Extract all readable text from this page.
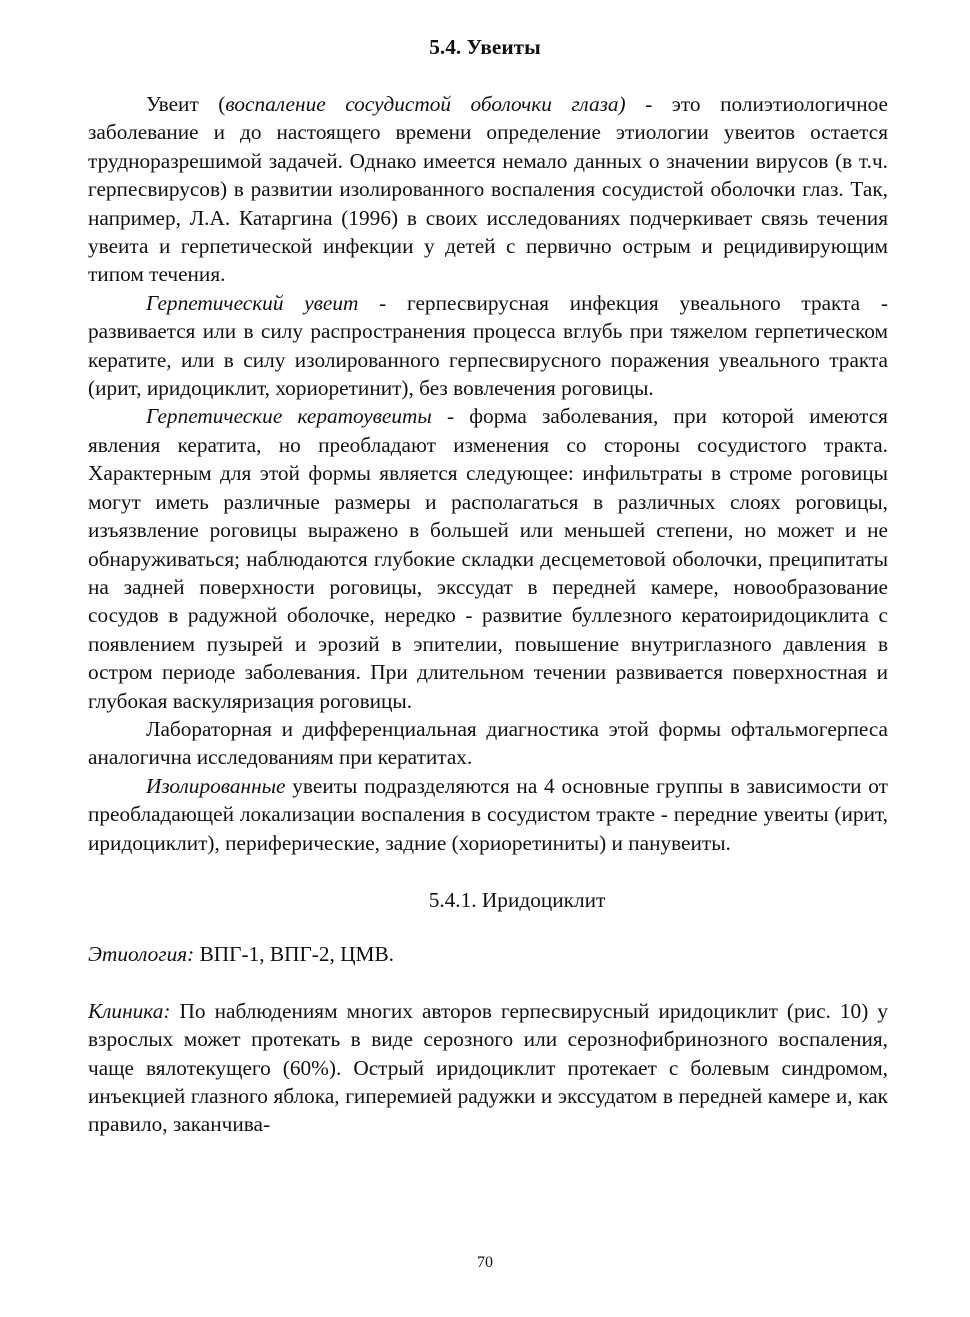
5.4. Увеиты

Увеит (воспаление сосудистой оболочки глаза) - это полиэтиологичное заболевание и до настоящего времени определение этиологии увеитов остается трудноразрешимой задачей. Однако имеется немало данных о значении вирусов (в т.ч. герпесвирусов) в развитии изолированного воспаления сосудистой оболочки глаз. Так, например, Л.А. Катаргина (1996) в своих исследованиях подчеркивает связь течения увеита и герпетической инфекции у детей с первично острым и рецидивирующим типом течения.

Герпетический увеит - герпесвирусная инфекция увеального тракта - развивается или в силу распространения процесса вглубь при тяжелом герпетическом кератите, или в силу изолированного герпесвирусного поражения увеального тракта (ирит, иридоциклит, хориоретинит), без вовлечения роговицы.

Герпетические кератоувеиты - форма заболевания, при которой имеются явления кератита, но преобладают изменения со стороны сосудистого тракта. Характерным для этой формы является следующее: инфильтраты в строме роговицы могут иметь различные размеры и располагаться в различных слоях роговицы, изъязвление роговицы выражено в большей или меньшей степени, но может и не обнаруживаться; наблюдаются глубокие складки десцеметовой оболочки, преципитаты на задней поверхности роговицы, экссудат в передней камере, новообразование сосудов в радужной оболочке, нередко - развитие буллезного кератоиридоциклита с появлением пузырей и эрозий в эпителии, повышение внутриглазного давления в остром периоде заболевания. При длительном течении развивается поверхностная и глубокая васкуляризация роговицы.

Лабораторная и дифференциальная диагностика этой формы офтальмогерпеса аналогична исследованиям при кератитах.

Изолированные увеиты подразделяются на 4 основные группы в зависимости от преобладающей локализации воспаления в сосудистом тракте - передние увеиты (ирит, иридоциклит), периферические, задние (хориоретиниты) и панувеиты.

5.4.1. Иридоциклит

Этиология: ВПГ-1, ВПГ-2, ЦМВ.

Клиника: По наблюдениям многих авторов герпесвирусный иридоциклит (рис. 10) у взрослых может протекать в виде серозного или серознофибринозного воспаления, чаще вялотекущего (60%). Острый иридоциклит протекает с болевым синдромом, инъекцией глазного яблока, гиперемией радужки и экссудатом в передней камере и, как правило, заканчива-

70
